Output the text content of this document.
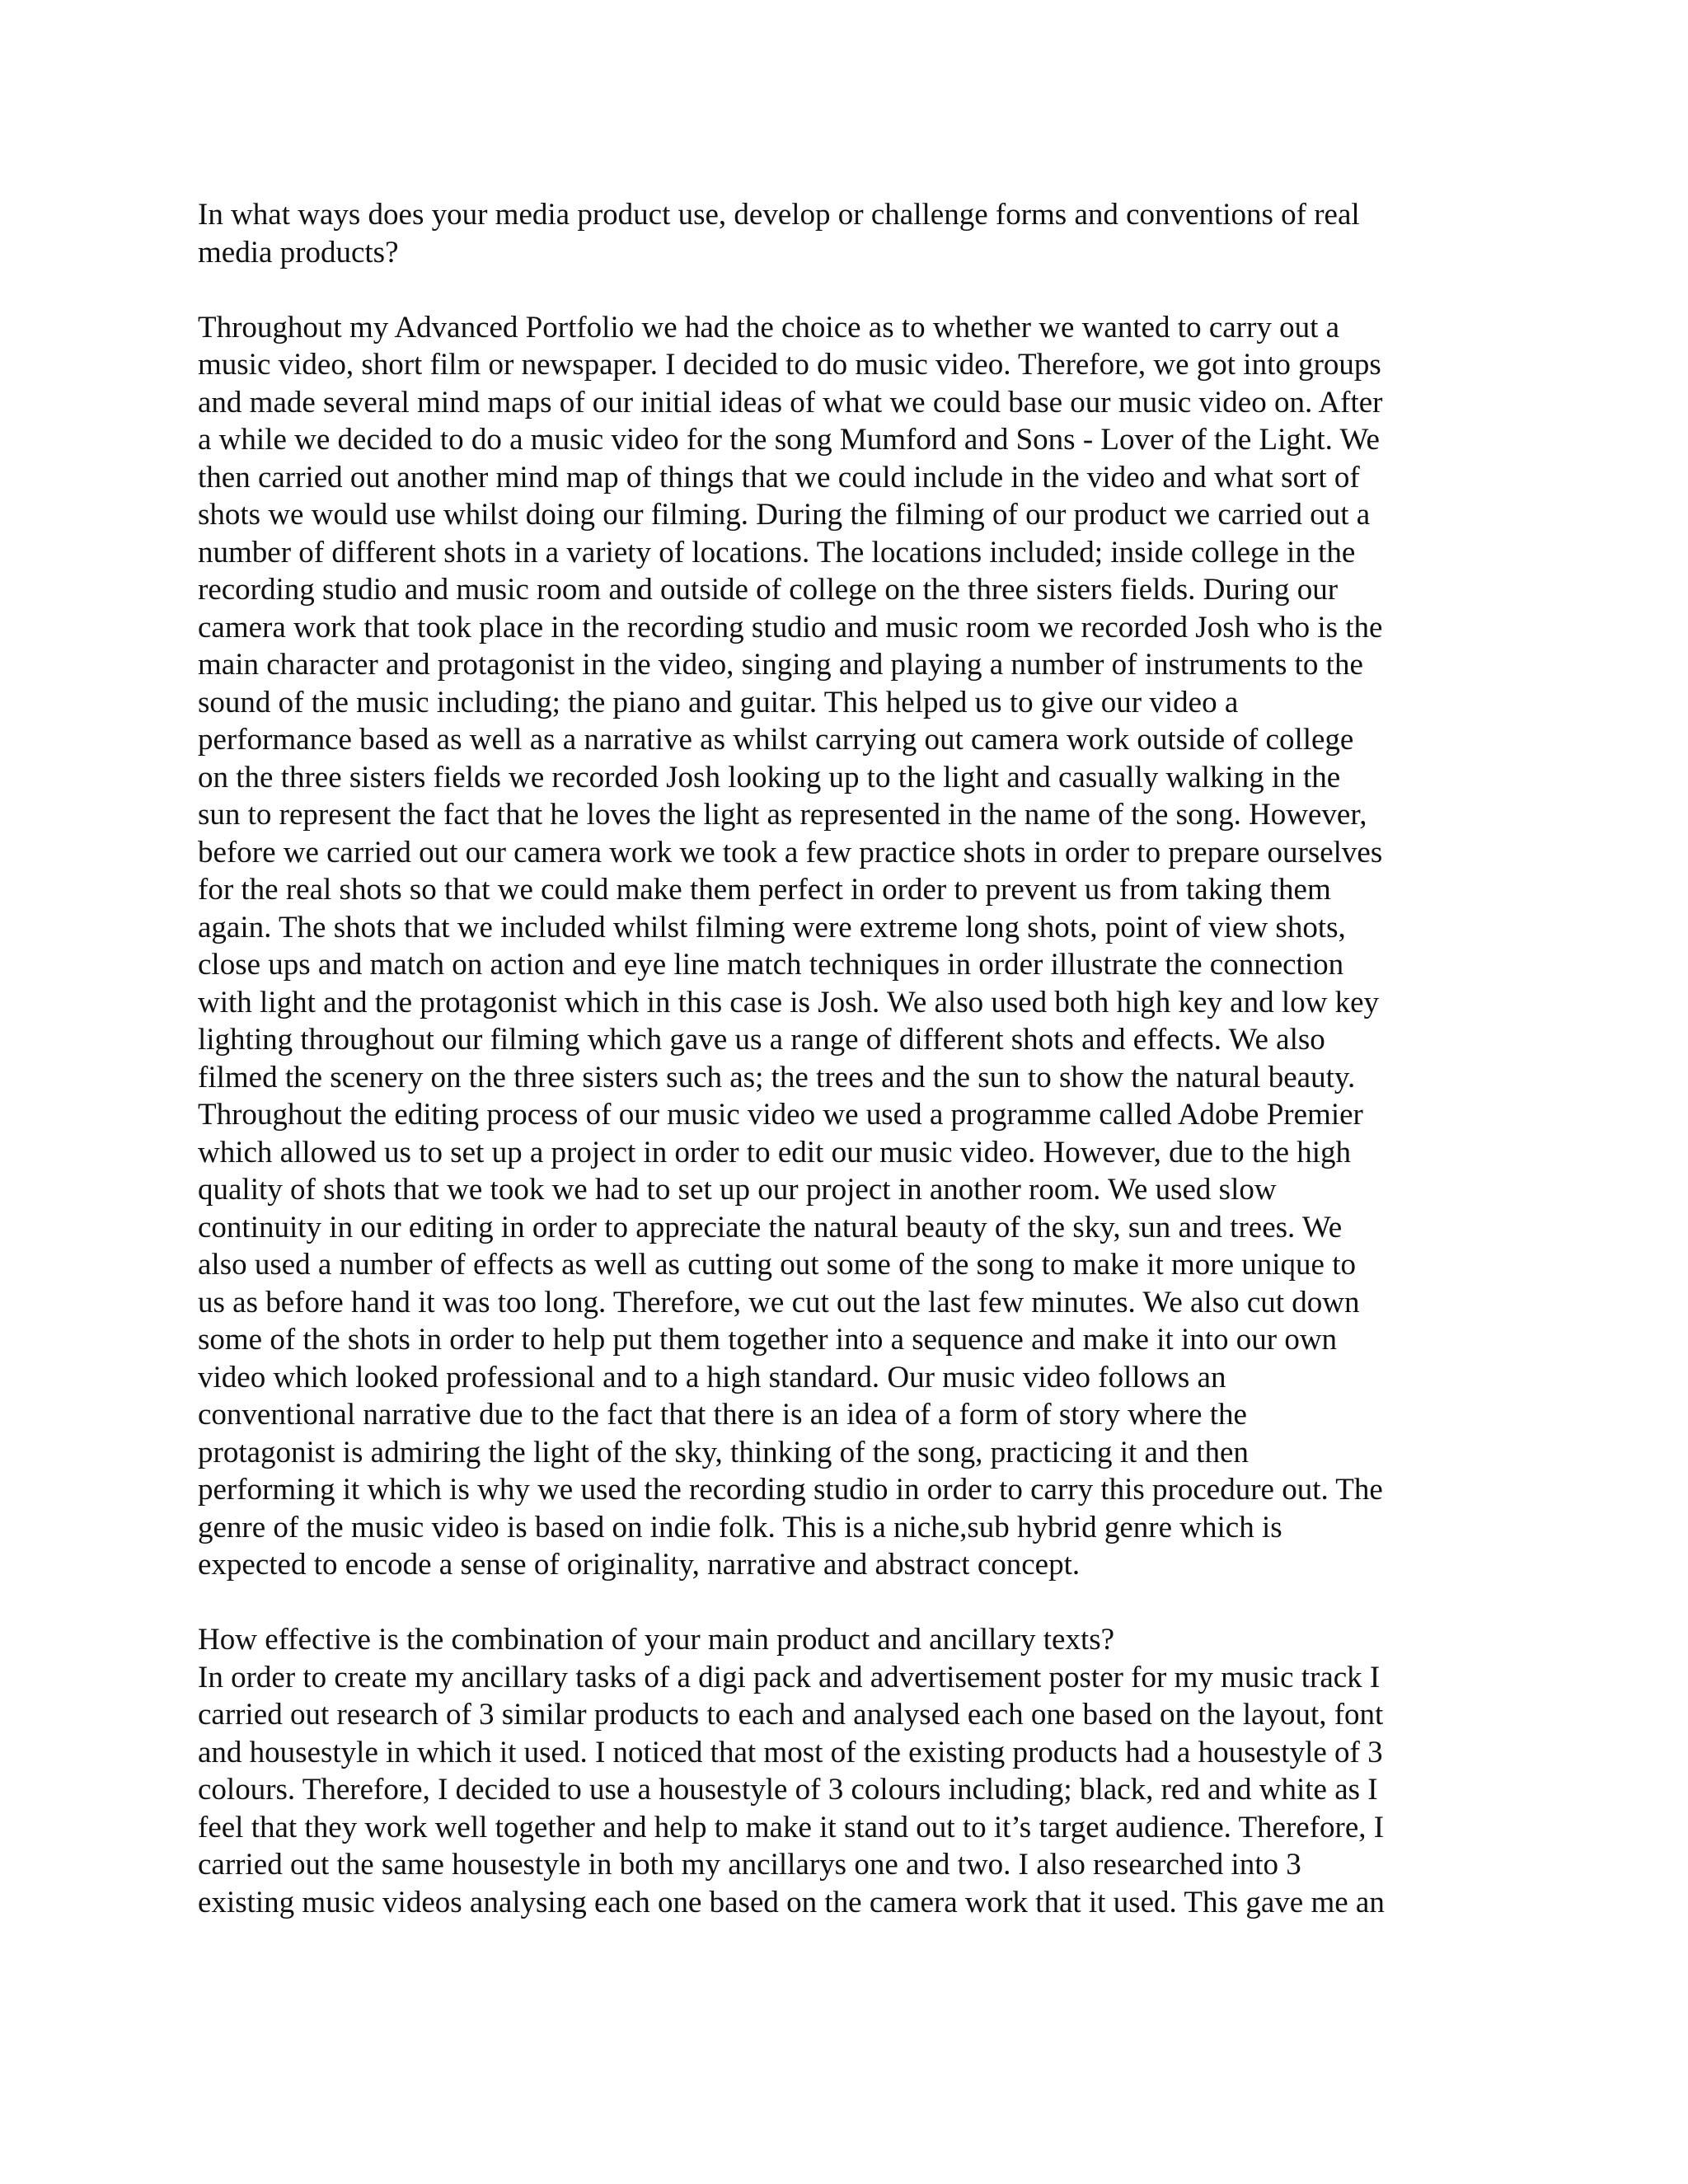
In what ways does your media product use, develop or challenge forms and conventions of real
media products?
Throughout my Advanced Portfolio we had the choice as to whether we wanted to carry out a
music video, short film or newspaper. I decided to do music video. Therefore, we got into groups
and made several mind maps of our initial ideas of what we could base our music video on. After
a while we decided to do a music video for the song Mumford and Sons - Lover of the Light. We
then carried out another mind map of things that we could include in the video and what sort of
shots we would use whilst doing our filming. During the filming of our product we carried out a
number of different shots in a variety of locations. The locations included; inside college in the
recording studio and music room and outside of college on the three sisters fields. During our
camera work that took place in the recording studio and music room we recorded Josh who is the
main character and protagonist in the video, singing and playing a number of instruments to the
sound of the music including; the piano and guitar. This helped us to give our video a
performance based as well as a narrative as whilst carrying out camera work outside of college
on the three sisters fields we recorded Josh looking up to the light and casually walking in the
sun to represent the fact that he loves the light as represented in the name of the song. However,
before we carried out our camera work we took a few practice shots in order to prepare ourselves
for the real shots so that we could make them perfect in order to prevent us from taking them
again. The shots that we included whilst filming were extreme long shots, point of view shots,
close ups and match on action and eye line match techniques in order illustrate the connection
with light and the protagonist which in this case is Josh. We also used both high key and low key
lighting throughout our filming which gave us a range of different shots and effects. We also
filmed the scenery on the three sisters such as; the trees and the sun to show the natural beauty.
Throughout the editing process of our music video we used a programme called Adobe Premier
which allowed us to set up a project in order to edit our music video. However, due to the high
quality of shots that we took we had to set up our project in another room. We used slow
continuity in our editing in order to appreciate the natural beauty of the sky, sun and trees. We
also used a number of effects as well as cutting out some of the song to make it more unique to
us as before hand it was too long. Therefore, we cut out the last few minutes. We also cut down
some of the shots in order to help put them together into a sequence and make it into our own
video which looked professional and to a high standard. Our music video follows an
conventional narrative due to the fact that there is an idea of a form of story where the
protagonist is admiring the light of the sky, thinking of the song, practicing it and then
performing it which is why we used the recording studio in order to carry this procedure out. The
genre of the music video is based on indie folk. This is a niche,sub hybrid genre which is
expected to encode a sense of originality, narrative and abstract concept.
How effective is the combination of your main product and ancillary texts?
In order to create my ancillary tasks of a digi pack and advertisement poster for my music track I
carried out research of 3 similar products to each and analysed each one based on the layout, font
and housestyle in which it used. I noticed that most of the existing products had a housestyle of 3
colours. Therefore, I decided to use a housestyle of 3 colours including; black, red and white as I
feel that they work well together and help to make it stand out to it’s target audience. Therefore, I
carried out the same housestyle in both my ancillarys one and two. I also researched into 3
existing music videos analysing each one based on the camera work that it used. This gave me an
